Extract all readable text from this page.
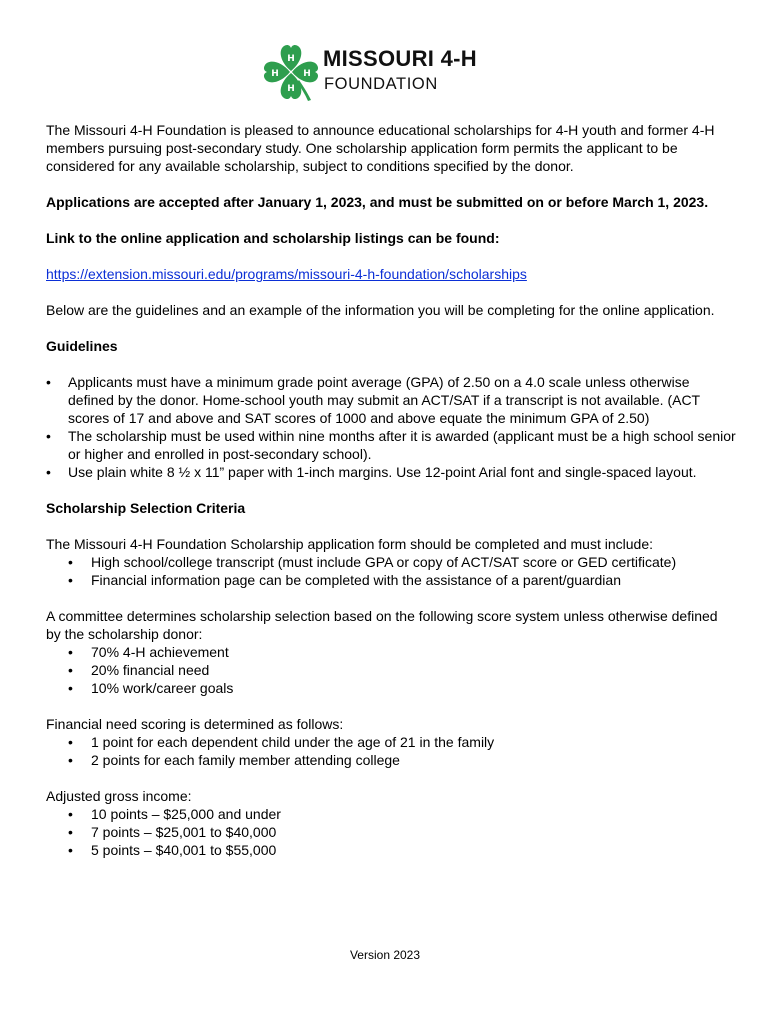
H
H
H	H
MISSOURI 4-H
FOUNDATION

The Missouri 4-H Foundation is pleased to announce educational scholarships for 4-H youth and former 4-H members pursuing post-secondary study. One scholarship application form permits the applicant to be considered for any available scholarship, subject to conditions specified by the donor.

Applications are accepted after January 1, 2023, and must be submitted on or before March 1, 2023.

Link to the online application and scholarship listings can be found:

https://extension.missouri.edu/programs/missouri-4-h-foundation/scholarships

Below are the guidelines and an example of the information you will be completing for the online application.

Guidelines

• Applicants must have a minimum grade point average (GPA) of 2.50 on a 4.0 scale unless otherwise defined by the donor. Home-school youth may submit an ACT/SAT if a transcript is not available. (ACT scores of 17 and above and SAT scores of 1000 and above equate the minimum GPA of 2.50)
• The scholarship must be used within nine months after it is awarded (applicant must be a high school senior or higher and enrolled in post-secondary school).
• Use plain white 8 ½ x 11” paper with 1-inch margins. Use 12-point Arial font and single-spaced layout.

Scholarship Selection Criteria

The Missouri 4-H Foundation Scholarship application form should be completed and must include:

• High school/college transcript (must include GPA or copy of ACT/SAT score or GED certificate)
• Financial information page can be completed with the assistance of a parent/guardian

A committee determines scholarship selection based on the following score system unless otherwise defined by the scholarship donor:

• 70% 4-H achievement
• 20% financial need
• 10% work/career goals

Financial need scoring is determined as follows:

• 1 point for each dependent child under the age of 21 in the family
• 2 points for each family member attending college

Adjusted gross income:

• 10 points – $25,000 and under
• 7 points – $25,001 to $40,000
• 5 points – $40,001 to $55,000
Version 2023
